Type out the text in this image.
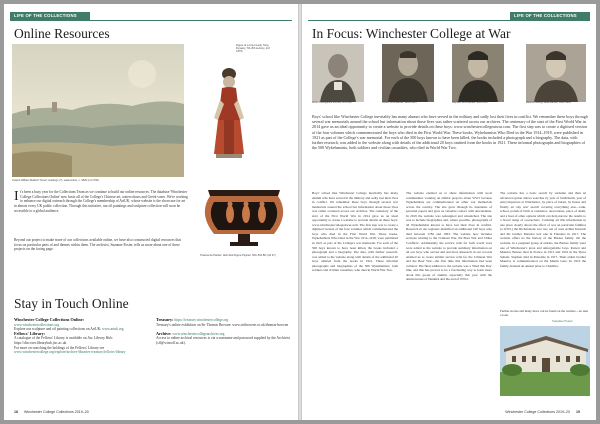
LIFE OF THE COLLECTIONS
Online Resources
Joseph William Mallord Turner: Hastings (?), watercolour, c. 1820 (ref 1700)
Figure of a Court Lady, Tang Dynasty, 7th–8th century, (ref 1375)
Tisamenos Painter: Attic Red Figure Psykter, 520–510 BC (ref 47)
It's been a busy year for the Collections Team as we continue to build our online resources. The database 'Winchester College Collections Online' now hosts all of the College's Chinese art, watercolours and Greek vases. We're working to enhance our digital outreach through the College's membership of ArtUK, whose website is the showcase for art in almost every UK public collection. Through this initiative, our oil paintings and sculpture collection will soon be accessible to a global audience.
Beyond our project to make more of our collections available online, we have also constructed digital resources that focus on particular parts of and themes within them. The archivist, Suzanne Foster, tells us more about one of these projects on the facing page.
Stay in Touch Online
Winchester College Collections Online:
www.winchestercollections.org
Explore our sculpture and oil painting collections on ArtUK: www.artuk.org
Fellows' Library:
A catalogue of the Fellows' Library is available on Jisc Library Hub: https://discover.libraryhub.jisc.ac.uk
For more on searching the holdings of the Fellows' Library see
www.winchestercollege.org/explore/archive-libraries-treasury/fellows-library
Treasury: https://treasury.winchestercollege.org
Treasury's online exhibition on Sir Thomas Browne: www.sirtbrowne.co.uk/thomas-browne

Archive: www.winchestercollegearchives.org
Access to online archival resources is via a username and password supplied by the Archivist (sff@wincoll.ac.uk).
18 Winchester College Collections 2019–20
LIFE OF THE COLLECTIONS
In Focus: Winchester College at War
Arthur Collingwood Kenrick, 1878–99	Robert Croft Barnes, 1895–1915	Stephen John Barnes, 1885–1917	Maurice George Bede Barnes, 1880–1916
Boys' school like Winchester College inevitably has many alumni who have served in the military and sadly lost their lives in conflict. We remember these boys through several war memorials around the school but information about those lives was rather scattered across our archives. The centenary of the start of the First World War in 2014 gave us an ideal opportunity to create a website to provide details on these boys: www.winchestercollegeatwar.com. The first step was to create a digitised version of the four volumes which commemorated the boys who died in the First World War. These books, Wykehamists Who Died in the War 1914–1918, were published in 1921 as part of the College's war memorial. For each of the 500 boys known to have been killed, the books included a photograph and a biography. The data, with further research, was added to the website along with details of the additional 20 boys omitted from the books in 1921. These informal photographs and biographies of the 500 Wykehamists, both soldiers and civilian casualties, who died in World War Two.
Boys' school like Winchester College inevitably has many alumni who have served in the military and sadly lost their lives in conflict. We remember these boys through several war memorials around the school but information about those lives was rather scattered across our archives. The centenary of the start of the First World War in 2014 gave us an ideal opportunity to create a website to provide details on these boys: www.winchestercollegeatwar.com. The first step was to create a digitised version of the four volumes which commemorated the boys who died in the First World War. These books, Wykehamists Who Died in the War 1914–1918, were published in 1921 as part of the College's war memorial. For each of the 500 boys known to have been killed, the books included a photograph and a biography. The data, with further research, was added to the website along with details of the additional 20 boys omitted from the books in 1921. These informal photographs and biographies of the 500 Wykehamists, both soldiers and civilian casualties, who died in World War Two.
The website enabled us to share information with local communities working on similar projects about WW1 because Wykehamists are commemorated on other war memorials across the country. The site grew through its donations of personal papers and gave us valuable contact with descendants. In 2019 the website was redesigned and relaunched. The site was to include biographies and, where possible, photographs of all Wykehamists known to have lost their lives in conflict. Research in our registers identified an additional 100 boys who died between 1782 and 1993. The website now includes sections relating to the Crimean War, the Boer War and 'Other Conflicts'. Additionally the service rolls for both world wars were added to the website to provide summary information on all our boys who served and survived. Research in our records enabled us to create similar service rolls for the Crimean War and the Boer War—the first time this information had been collated. The final addition to the website was a 'Died this Day' link, and this has proved to be a fascinating way to learn more about this group of alumni, especially this year with the anniversaries of Dunkirk and the end of WW2.
The website has a basic search by surname and then an advanced option allows searches by year of birth/death, year of entry/departure at Winchester, by place of burial, by house and finally an 'any text' search covering everything else—rank, school, parish of birth or residence, decorations, place of death, and a host of other options which can help narrow the results to a broad range of researchers. Collating all this information in one place clearly shows the effect of war on particular families (a WW1) the Richardsons lost two out of sons Arthur Kenrick and his brother Maurice lost one in Flanders in 1917. The website offers us the history of the Barnes family. On the website, in a poignant group of entries, the Barnes family were one of Winchester's great and unforgettable boys. Robert and Maurice Barnes died in France in 1915 and 1916 in the Ypres Salient. Stephen died in Palestine in 1917. Their eldest brother Maurice is commemorated on the Menin Gate. In 1919 the family donated an annual prize to Chamber.
Further stories and many more can be found on the website—do take a look.
Suzanne Foster
Winchester College Collections 2019–20 19
